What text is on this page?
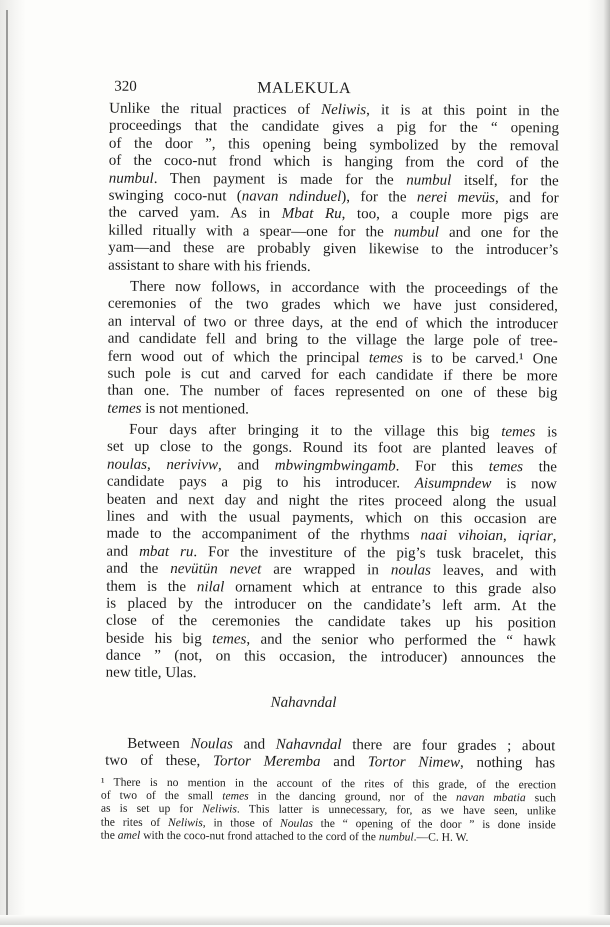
320	MALEKULA
Unlike the ritual practices of Neliwis, it is at this point in the
proceedings that the candidate gives a pig for the “ opening
of the door ”, this opening being symbolized by the removal
of the coco-nut frond which is hanging from the cord of the
numbul. Then payment is made for the numbul itself, for the
swinging coco-nut (navan ndinduel), for the nerei mevüs, and for
the carved yam. As in Mbat Ru, too, a couple more pigs are
killed ritually with a spear—one for the numbul and one for the
yam—and these are probably given likewise to the introducer’s
assistant to share with his friends.
There now follows, in accordance with the proceedings of the
ceremonies of the two grades which we have just considered,
an interval of two or three days, at the end of which the introducer
and candidate fell and bring to the village the large pole of tree-
fern wood out of which the principal temes is to be carved.¹ One
such pole is cut and carved for each candidate if there be more
than one. The number of faces represented on one of these big
temes is not mentioned.
Four days after bringing it to the village this big temes is
set up close to the gongs. Round its foot are planted leaves of
noulas, nerivivw, and mbwingmbwingamb. For this temes the
candidate pays a pig to his introducer. Aisumpndew is now
beaten and next day and night the rites proceed along the usual
lines and with the usual payments, which on this occasion are
made to the accompaniment of the rhythms naai vihoian, iqriar,
and mbat ru. For the investiture of the pig’s tusk bracelet, this
and the nevütün nevet are wrapped in noulas leaves, and with
them is the nilal ornament which at entrance to this grade also
is placed by the introducer on the candidate’s left arm. At the
close of the ceremonies the candidate takes up his position
beside his big temes, and the senior who performed the “ hawk
dance ” (not, on this occasion, the introducer) announces the
new title, Ulas.
Nahavndal
Between Noulas and Nahavndal there are four grades ; about
two of these, Tortor Meremba and Tortor Nimew, nothing has
¹ There is no mention in the account of the rites of this grade, of the erection
of two of the small temes in the dancing ground, nor of the navan mbatia such
as is set up for Neliwis. This latter is unnecessary, for, as we have seen, unlike
the rites of Neliwis, in those of Noulas the “ opening of the door ” is done inside
the amel with the coco-nut frond attached to the cord of the numbul.—C. H. W.
